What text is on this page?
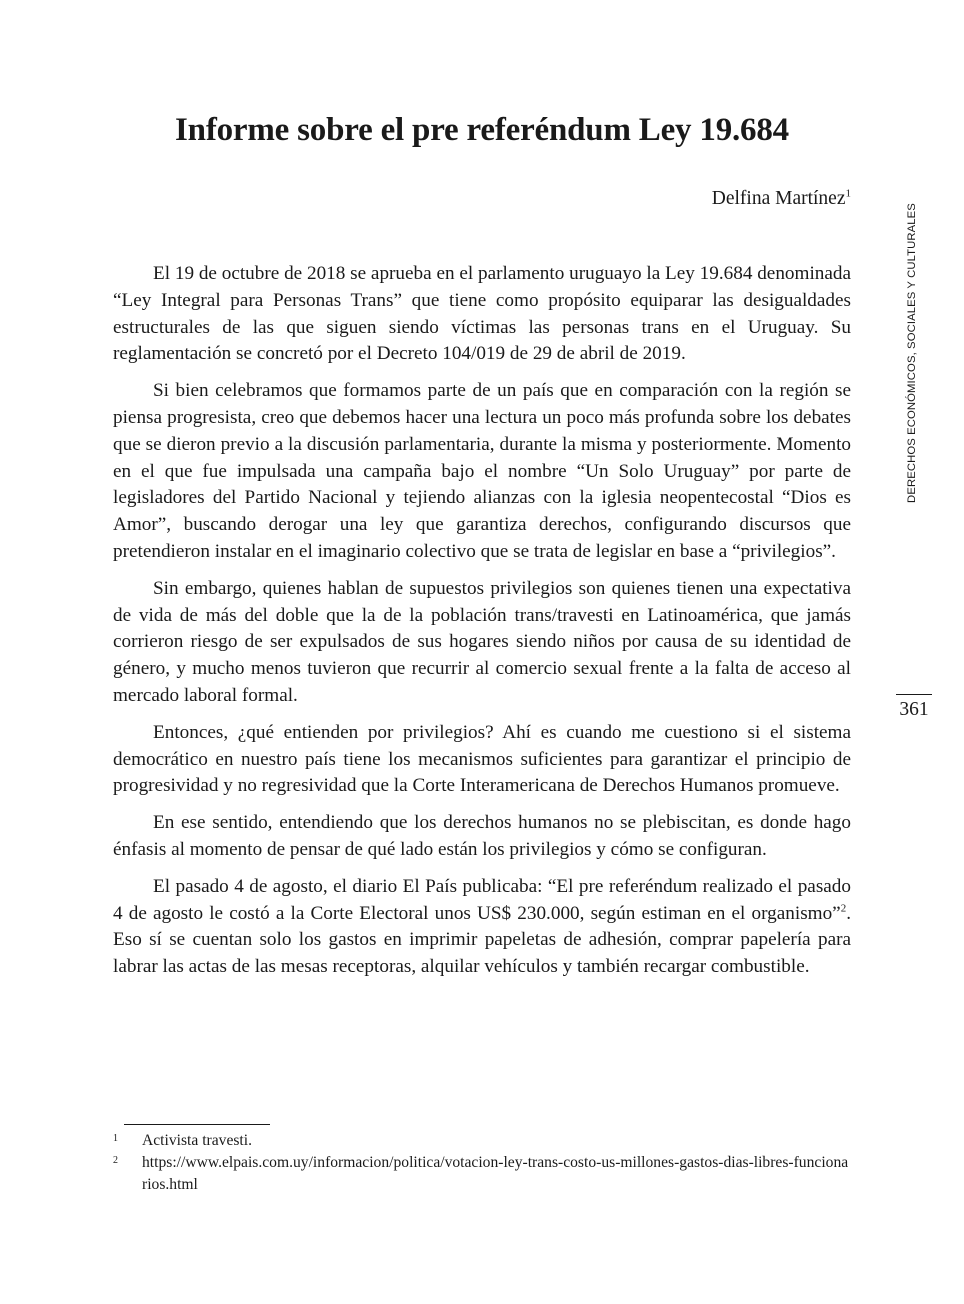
Informe sobre el pre referéndum Ley 19.684
Delfina Martínez$^1$
DERECHOS ECONÓMICOS, SOCIALES Y CULTURALES
361

El 19 de octubre de 2018 se aprueba en el parlamento uruguayo la Ley 19.684 denominada “Ley Integral para Personas Trans” que tiene como propósito equiparar las desigualdades estructurales de las que siguen siendo víctimas las personas trans en el Uruguay. Su reglamentación se concretó por el Decreto 104/019 de 29 de abril de 2019.

Si bien celebramos que formamos parte de un país que en comparación con la región se piensa progresista, creo que debemos hacer una lectura un poco más profunda sobre los debates que se dieron previo a la discusión parlamentaria, durante la misma y posteriormente. Momento en el que fue impulsada una campaña bajo el nombre “Un Solo Uruguay” por parte de legisladores del Partido Nacional y tejiendo alianzas con la iglesia neopentecostal “Dios es Amor”, buscando derogar una ley que garantiza derechos, configurando discursos que pretendieron instalar en el imaginario colectivo que se trata de legislar en base a “privilegios”.

Sin embargo, quienes hablan de supuestos privilegios son quienes tienen una expectativa de vida de más del doble que la de la población trans/travesti en Latinoamérica, que jamás corrieron riesgo de ser expulsados de sus hogares siendo niños por causa de su identidad de género, y mucho menos tuvieron que recurrir al comercio sexual frente a la falta de acceso al mercado laboral formal.

Entonces, ¿qué entienden por privilegios? Ahí es cuando me cuestiono si el sistema democrático en nuestro país tiene los mecanismos suficientes para garantizar el principio de progresividad y no regresividad que la Corte Interamericana de Derechos Humanos promueve.

En ese sentido, entendiendo que los derechos humanos no se plebiscitan, es donde hago énfasis al momento de pensar de qué lado están los privilegios y cómo se configuran.

El pasado 4 de agosto, el diario El País publicaba: “El pre referéndum realizado el pasado 4 de agosto le costó a la Corte Electoral unos US$ 230.000, según estiman en el organismo”$^2$. Eso sí se cuentan solo los gastos en imprimir papeletas de adhesión, comprar papelería para labrar las actas de las mesas receptoras, alquilar vehículos y también recargar combustible.

1 Activista travesti.
2 https://www.elpais.com.uy/informacion/politica/votacion-ley-trans-costo-us-millones-gastos-dias-libres-funcionarios.html
